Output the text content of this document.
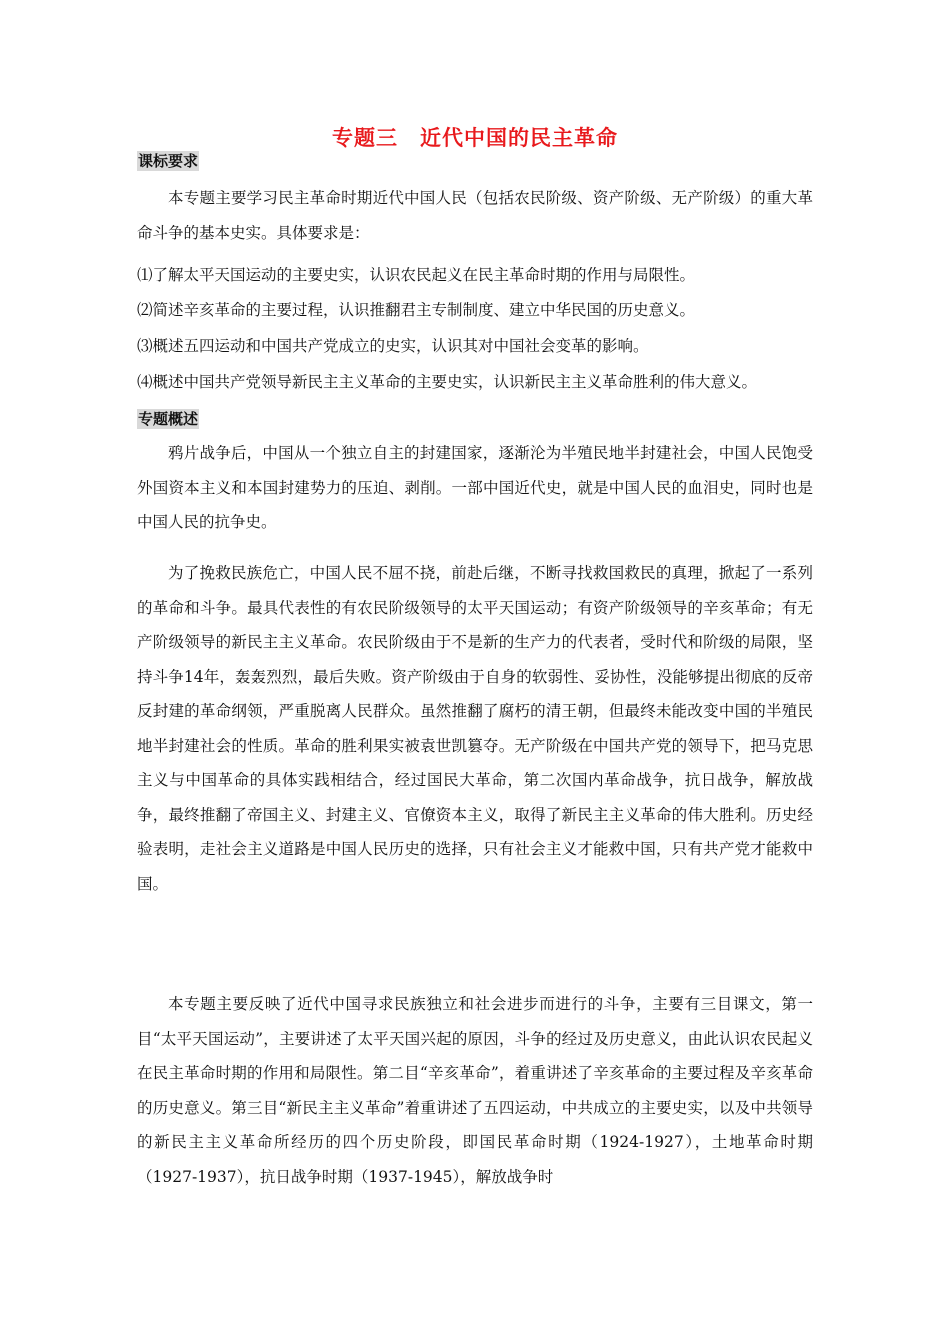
专题三　近代中国的民主革命
课标要求
本专题主要学习民主革命时期近代中国人民（包括农民阶级、资产阶级、无产阶级）的重大革命斗争的基本史实。具体要求是：
⑴了解太平天国运动的主要史实，认识农民起义在民主革命时期的作用与局限性。
⑵简述辛亥革命的主要过程，认识推翻君主专制制度、建立中华民国的历史意义。
⑶概述五四运动和中国共产党成立的史实，认识其对中国社会变革的影响。
⑷概述中国共产党领导新民主主义革命的主要史实，认识新民主主义革命胜利的伟大意义。
专题概述
鸦片战争后，中国从一个独立自主的封建国家，逐渐沦为半殖民地半封建社会，中国人民饱受外国资本主义和本国封建势力的压迫、剥削。一部中国近代史，就是中国人民的血泪史，同时也是中国人民的抗争史。
为了挽救民族危亡，中国人民不屈不挠，前赴后继，不断寻找救国救民的真理，掀起了一系列的革命和斗争。最具代表性的有农民阶级领导的太平天国运动；有资产阶级领导的辛亥革命；有无产阶级领导的新民主主义革命。农民阶级由于不是新的生产力的代表者，受时代和阶级的局限，坚持斗争14年，轰轰烈烈，最后失败。资产阶级由于自身的软弱性、妥协性，没能够提出彻底的反帝反封建的革命纲领，严重脱离人民群众。虽然推翻了腐朽的清王朝，但最终未能改变中国的半殖民地半封建社会的性质。革命的胜利果实被袁世凯篡夺。无产阶级在中国共产党的领导下，把马克思主义与中国革命的具体实践相结合，经过国民大革命，第二次国内革命战争，抗日战争，解放战争，最终推翻了帝国主义、封建主义、官僚资本主义，取得了新民主主义革命的伟大胜利。历史经验表明，走社会主义道路是中国人民历史的选择，只有社会主义才能救中国，只有共产党才能救中国。
本专题主要反映了近代中国寻求民族独立和社会进步而进行的斗争，主要有三目课文，第一目“太平天国运动”，主要讲述了太平天国兴起的原因，斗争的经过及历史意义，由此认识农民起义在民主革命时期的作用和局限性。第二目“辛亥革命”，着重讲述了辛亥革命的主要过程及辛亥革命的历史意义。第三目“新民主主义革命”着重讲述了五四运动，中共成立的主要史实，以及中共领导的新民主主义革命所经历的四个历史阶段，即国民革命时期（1924-1927），土地革命时期（1927-1937），抗日战争时期（1937-1945），解放战争时
